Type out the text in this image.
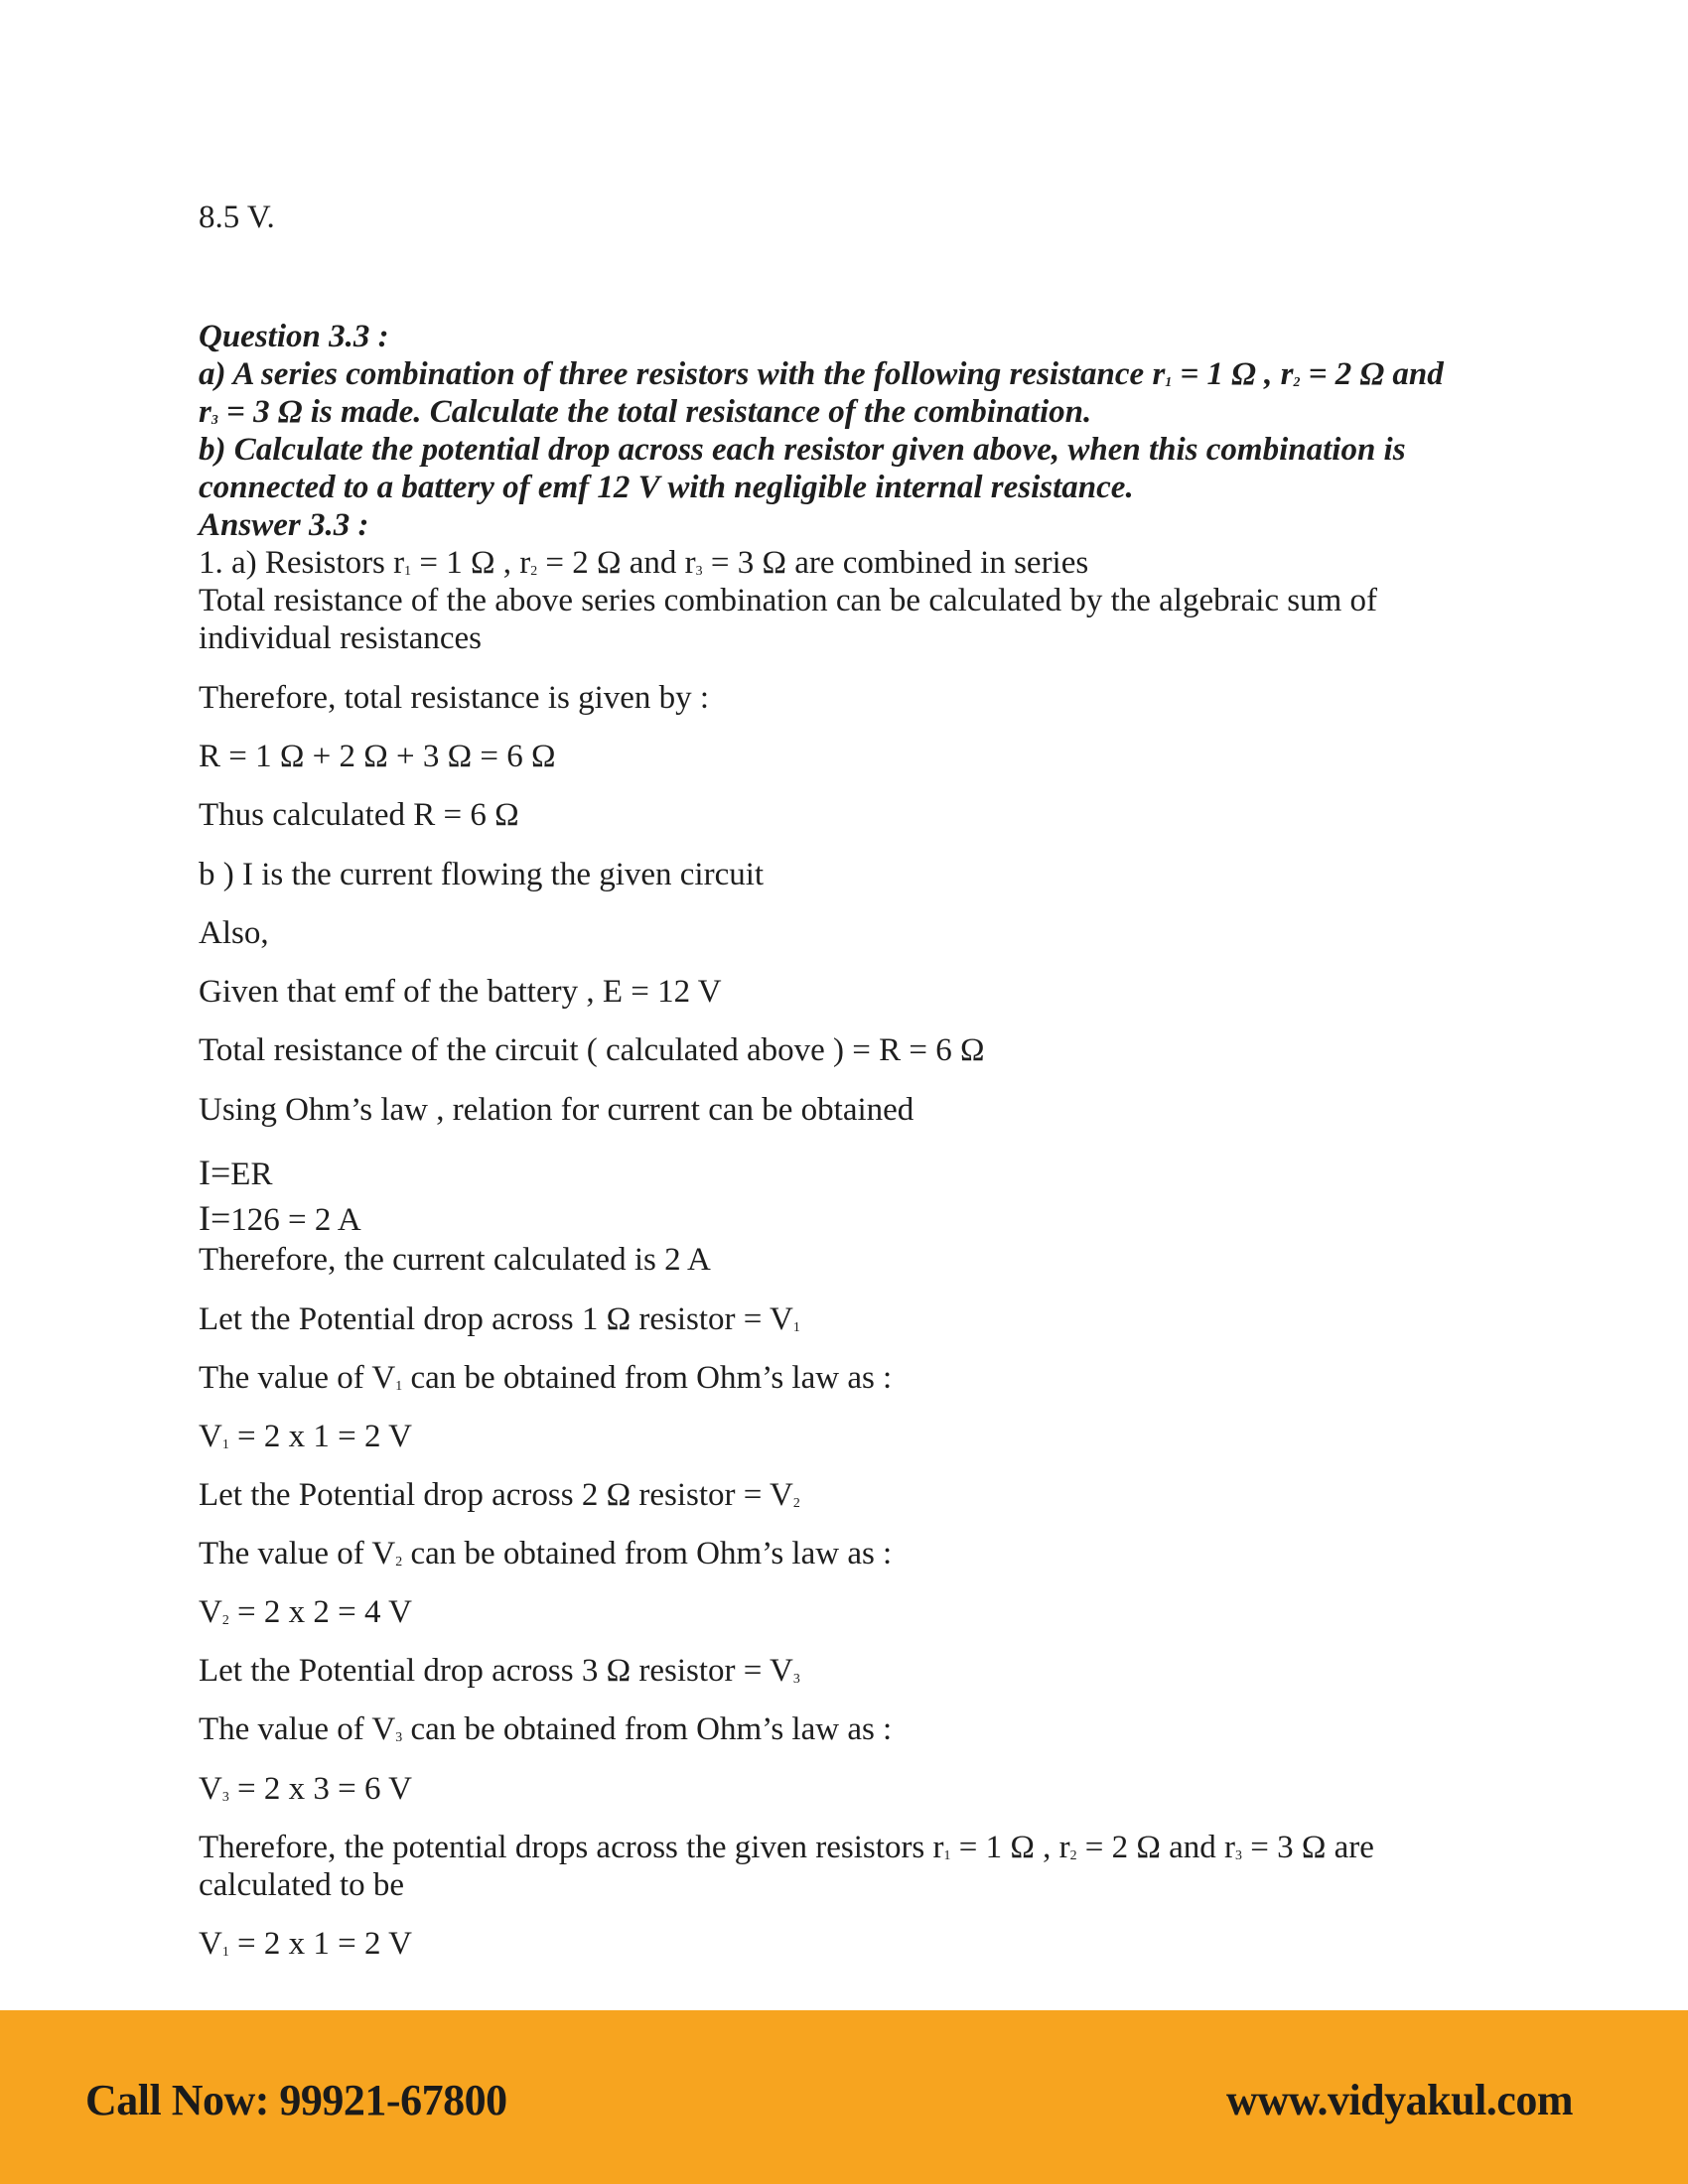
8.5 V.
Question 3.3 :
a) A series combination of three resistors with the following resistance $r_1 = 1$ Ω , $r_2 = 2$ Ω and
$r_3 = 3$ Ω is made. Calculate the total resistance of the combination.
b) Calculate the potential drop across each resistor given above, when this combination is
connected to a battery of emf 12 V with negligible internal resistance.
Answer 3.3 :
1. a) Resistors $r_1 = 1$ Ω , $r_2 = 2$ Ω and $r_3 = 3$ Ω are combined in series
Total resistance of the above series combination can be calculated by the algebraic sum of
individual resistances
Therefore, total resistance is given by :
R = 1 Ω + 2 Ω + 3 Ω = 6 Ω
Thus calculated R = 6 Ω
b ) I is the current flowing the given circuit
Also,
Given that emf of the battery , E = 12 V
Total resistance of the circuit ( calculated above ) = R = 6 Ω
Using Ohm’s law , relation for current can be obtained
I=ER
I=126 = 2 A
Therefore, the current calculated is 2 A
Let the Potential drop across 1 Ω resistor = $V_1$
The value of $V_1$ can be obtained from Ohm’s law as :
$V_1 = 2$ x 1 = 2 V
Let the Potential drop across 2 Ω resistor = $V_2$
The value of $V_2$ can be obtained from Ohm’s law as :
$V_2 = 2$ x 2 = 4 V
Let the Potential drop across 3 Ω resistor = $V_3$
The value of $V_3$ can be obtained from Ohm’s law as :
$V_3 = 2$ x 3 = 6 V
Therefore, the potential drops across the given resistors $r_1 = 1$ Ω , $r_2 = 2$ Ω and $r_3 = 3$ Ω are
calculated to be
$V_1 = 2$ x 1 = 2 V
Call Now: 99921-67800	www.vidyakul.com
